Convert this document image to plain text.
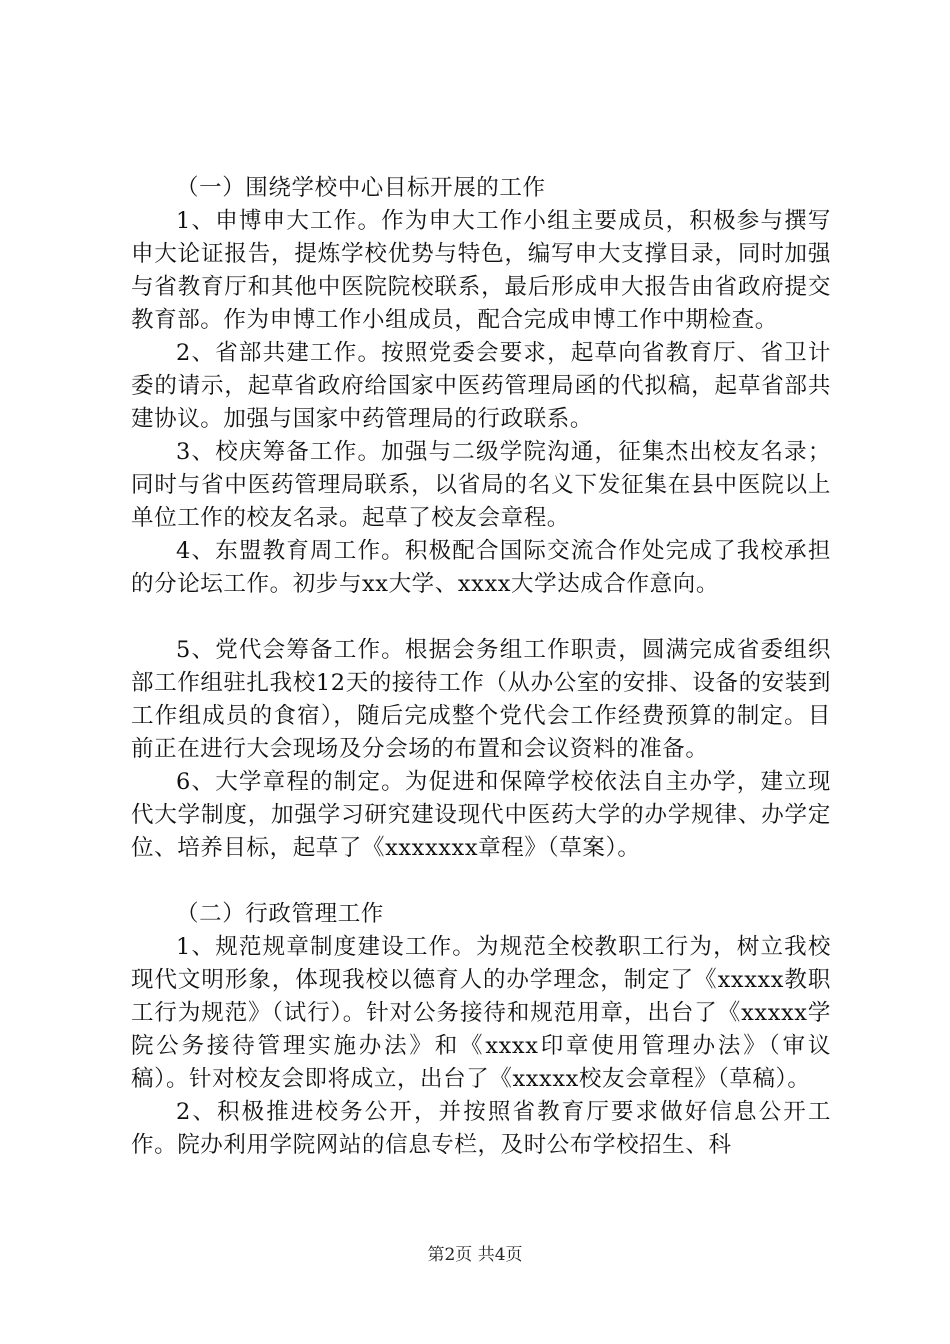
（一）围绕学校中心目标开展的工作

1、申博申大工作。作为申大工作小组主要成员，积极参与撰写申大论证报告，提炼学校优势与特色，编写申大支撑目录，同时加强与省教育厅和其他中医院院校联系，最后形成申大报告由省政府提交教育部。作为申博工作小组成员，配合完成申博工作中期检查。

2、省部共建工作。按照党委会要求，起草向省教育厅、省卫计委的请示，起草省政府给国家中医药管理局函的代拟稿，起草省部共建协议。加强与国家中药管理局的行政联系。

3、校庆筹备工作。加强与二级学院沟通，征集杰出校友名录；同时与省中医药管理局联系，以省局的名义下发征集在县中医院以上单位工作的校友名录。起草了校友会章程。

4、东盟教育周工作。积极配合国际交流合作处完成了我校承担的分论坛工作。初步与xx大学、xxxx大学达成合作意向。

5、党代会筹备工作。根据会务组工作职责，圆满完成省委组织部工作组驻扎我校12天的接待工作（从办公室的安排、设备的安装到工作组成员的食宿），随后完成整个党代会工作经费预算的制定。目前正在进行大会现场及分会场的布置和会议资料的准备。

6、大学章程的制定。为促进和保障学校依法自主办学，建立现代大学制度，加强学习研究建设现代中医药大学的办学规律、办学定位、培养目标，起草了《xxxxxxx章程》（草案）。

（二）行政管理工作

1、规范规章制度建设工作。为规范全校教职工行为，树立我校现代文明形象，体现我校以德育人的办学理念，制定了《xxxxx教职工行为规范》（试行）。针对公务接待和规范用章，出台了《xxxxx学院公务接待管理实施办法》和《xxxx印章使用管理办法》（审议稿）。针对校友会即将成立，出台了《xxxxx校友会章程》（草稿）。

2、积极推进校务公开，并按照省教育厅要求做好信息公开工作。院办利用学院网站的信息专栏，及时公布学校招生、科

第2页 共4页
